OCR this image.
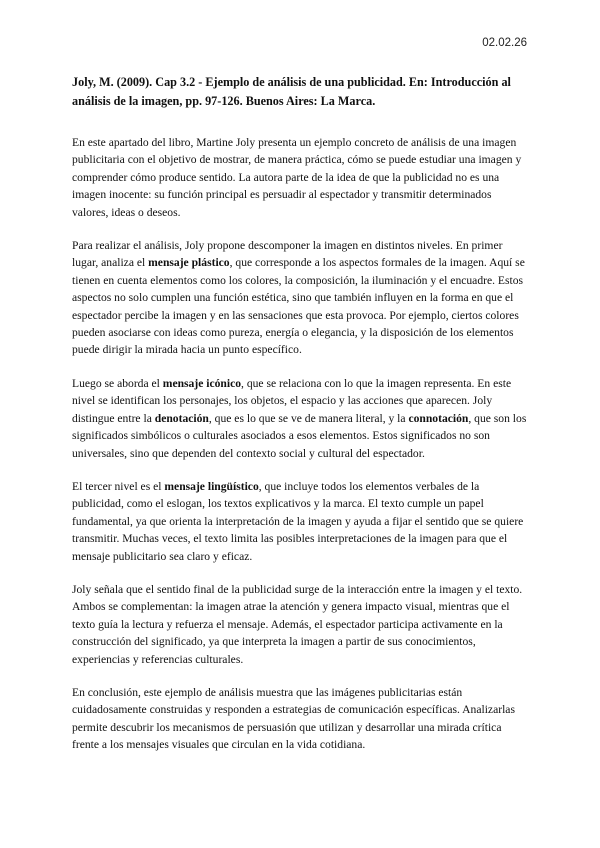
02.02.26
Joly, M. (2009). Cap 3.2 - Ejemplo de análisis de una publicidad. En: Introducción al análisis de la imagen, pp. 97-126. Buenos Aires: La Marca.

En este apartado del libro, Martine Joly presenta un ejemplo concreto de análisis de una imagen publicitaria con el objetivo de mostrar, de manera práctica, cómo se puede estudiar una imagen y comprender cómo produce sentido. La autora parte de la idea de que la publicidad no es una imagen inocente: su función principal es persuadir al espectador y transmitir determinados valores, ideas o deseos.

Para realizar el análisis, Joly propone descomponer la imagen en distintos niveles. En primer lugar, analiza el mensaje plástico, que corresponde a los aspectos formales de la imagen. Aquí se tienen en cuenta elementos como los colores, la composición, la iluminación y el encuadre. Estos aspectos no solo cumplen una función estética, sino que también influyen en la forma en que el espectador percibe la imagen y en las sensaciones que esta provoca. Por ejemplo, ciertos colores pueden asociarse con ideas como pureza, energía o elegancia, y la disposición de los elementos puede dirigir la mirada hacia un punto específico.

Luego se aborda el mensaje icónico, que se relaciona con lo que la imagen representa. En este nivel se identifican los personajes, los objetos, el espacio y las acciones que aparecen. Joly distingue entre la denotación, que es lo que se ve de manera literal, y la connotación, que son los significados simbólicos o culturales asociados a esos elementos. Estos significados no son universales, sino que dependen del contexto social y cultural del espectador.

El tercer nivel es el mensaje lingüístico, que incluye todos los elementos verbales de la publicidad, como el eslogan, los textos explicativos y la marca. El texto cumple un papel fundamental, ya que orienta la interpretación de la imagen y ayuda a fijar el sentido que se quiere transmitir. Muchas veces, el texto limita las posibles interpretaciones de la imagen para que el mensaje publicitario sea claro y eficaz.

Joly señala que el sentido final de la publicidad surge de la interacción entre la imagen y el texto. Ambos se complementan: la imagen atrae la atención y genera impacto visual, mientras que el texto guía la lectura y refuerza el mensaje. Además, el espectador participa activamente en la construcción del significado, ya que interpreta la imagen a partir de sus conocimientos, experiencias y referencias culturales.

En conclusión, este ejemplo de análisis muestra que las imágenes publicitarias están cuidadosamente construidas y responden a estrategias de comunicación específicas. Analizarlas permite descubrir los mecanismos de persuasión que utilizan y desarrollar una mirada crítica frente a los mensajes visuales que circulan en la vida cotidiana.
